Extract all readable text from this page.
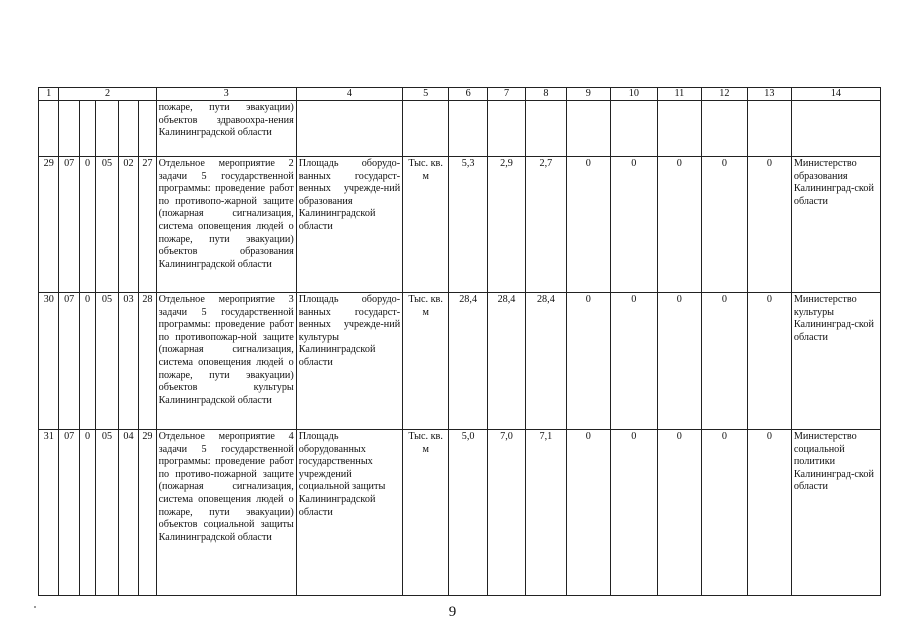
1	2					3	4	5	6	7	8	9	10	11	12	13	14
						пожаре, пути эвакуации) объектов здравоохра-нения Калининградской области											
29	07	0	05	02	27	Отдельное мероприятие 2 задачи 5 государственной программы: проведение работ по противопо-жарной защите (пожарная сигнализация, система оповещения людей о пожаре, пути эвакуации) объектов образования Калининградской области	Площадь оборудо-ванных государст-венных учрежде-ний образования Калининградской области	Тыс. кв. м	5,3	2,9	2,7	0	0	0	0	0	Министерство образования Калининград-ской области
30	07	0	05	03	28	Отдельное мероприятие 3 задачи 5 государственной программы: проведение работ по противопожар-ной защите (пожарная сигнализация, система оповещения людей о пожаре, пути эвакуации) объектов культуры Калининградской области	Площадь оборудо-ванных государст-венных учрежде-ний культуры Калининградской области	Тыс. кв. м	28,4	28,4	28,4	0	0	0	0	0	Министерство культуры Калининград-ской области
31	07	0	05	04	29	Отдельное мероприятие 4 задачи 5 государственной программы: проведение работ по противо-пожарной защите (пожарная сигнализация, система оповещения людей о пожаре, пути эвакуации) объектов социальной защиты Калининградской области	Площадь оборудованных государственных учреждений социальной защиты Калининградской области	Тыс. кв. м	5,0	7,0	7,1	0	0	0	0	0	Министерство социальной политики Калининград-ской области
9
